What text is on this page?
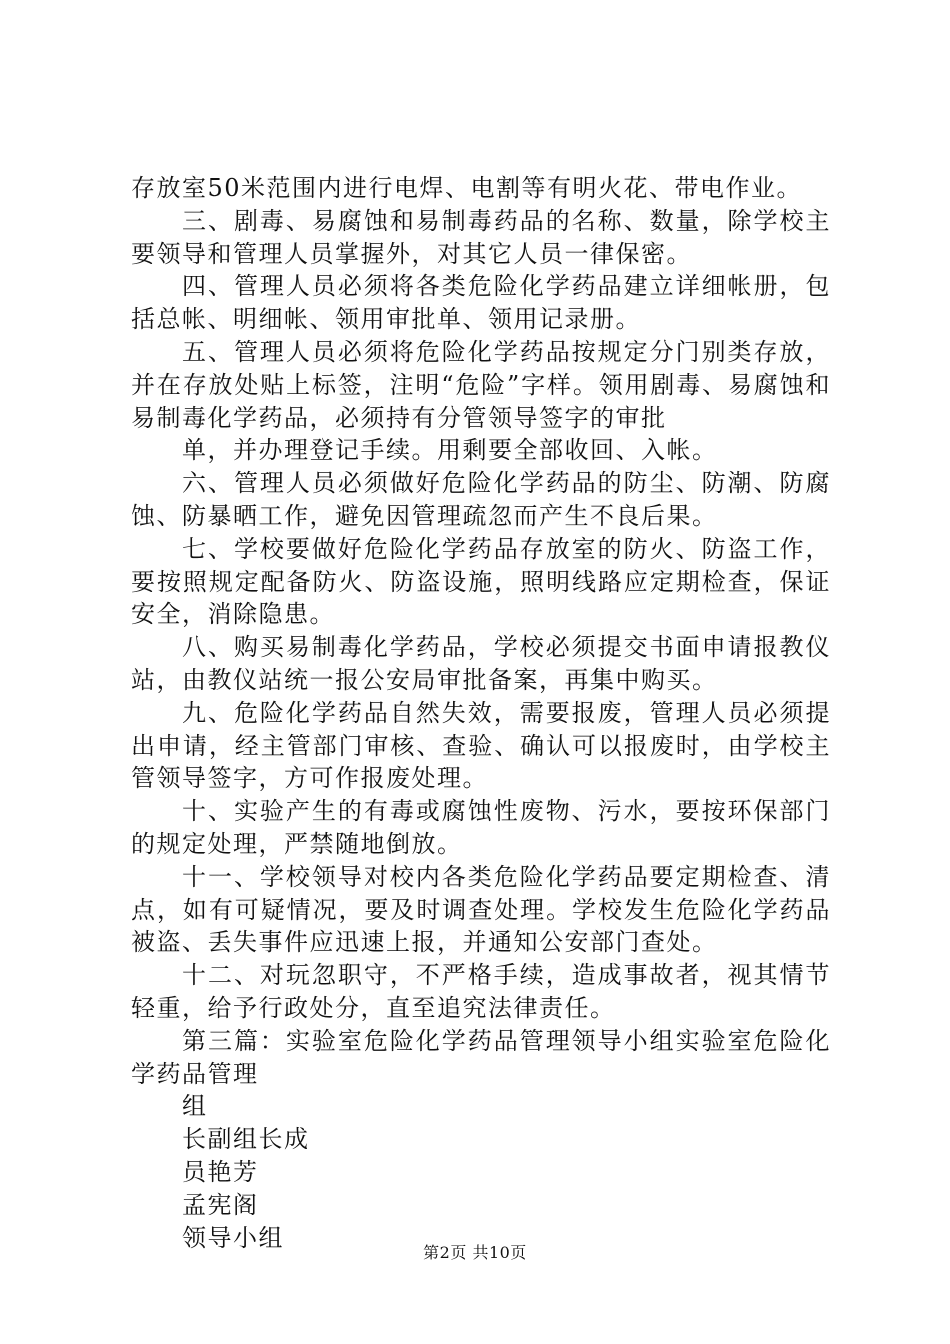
存放室50米范围内进行电焊、电割等有明火花、带电作业。

三、剧毒、易腐蚀和易制毒药品的名称、数量，除学校主要领导和管理人员掌握外，对其它人员一律保密。

四、管理人员必须将各类危险化学药品建立详细帐册，包括总帐、明细帐、领用审批单、领用记录册。

五、管理人员必须将危险化学药品按规定分门别类存放，并在存放处贴上标签，注明“危险”字样。领用剧毒、易腐蚀和易制毒化学药品，必须持有分管领导签字的审批

单，并办理登记手续。用剩要全部收回、入帐。

六、管理人员必须做好危险化学药品的防尘、防潮、防腐蚀、防暴晒工作，避免因管理疏忽而产生不良后果。

七、学校要做好危险化学药品存放室的防火、防盗工作，要按照规定配备防火、防盗设施，照明线路应定期检查，保证安全，消除隐患。

八、购买易制毒化学药品，学校必须提交书面申请报教仪站，由教仪站统一报公安局审批备案，再集中购买。

九、危险化学药品自然失效，需要报废，管理人员必须提出申请，经主管部门审核、查验、确认可以报废时，由学校主管领导签字，方可作报废处理。

十、实验产生的有毒或腐蚀性废物、污水，要按环保部门的规定处理，严禁随地倒放。

十一、学校领导对校内各类危险化学药品要定期检查、清点，如有可疑情况，要及时调查处理。学校发生危险化学药品被盗、丢失事件应迅速上报，并通知公安部门查处。

十二、对玩忽职守，不严格手续，造成事故者，视其情节轻重，给予行政处分，直至追究法律责任。

第三篇：实验室危险化学药品管理领导小组实验室危险化学药品管理

组

长副组长成

员艳芳

孟宪阁

领导小组

第2页 共10页
